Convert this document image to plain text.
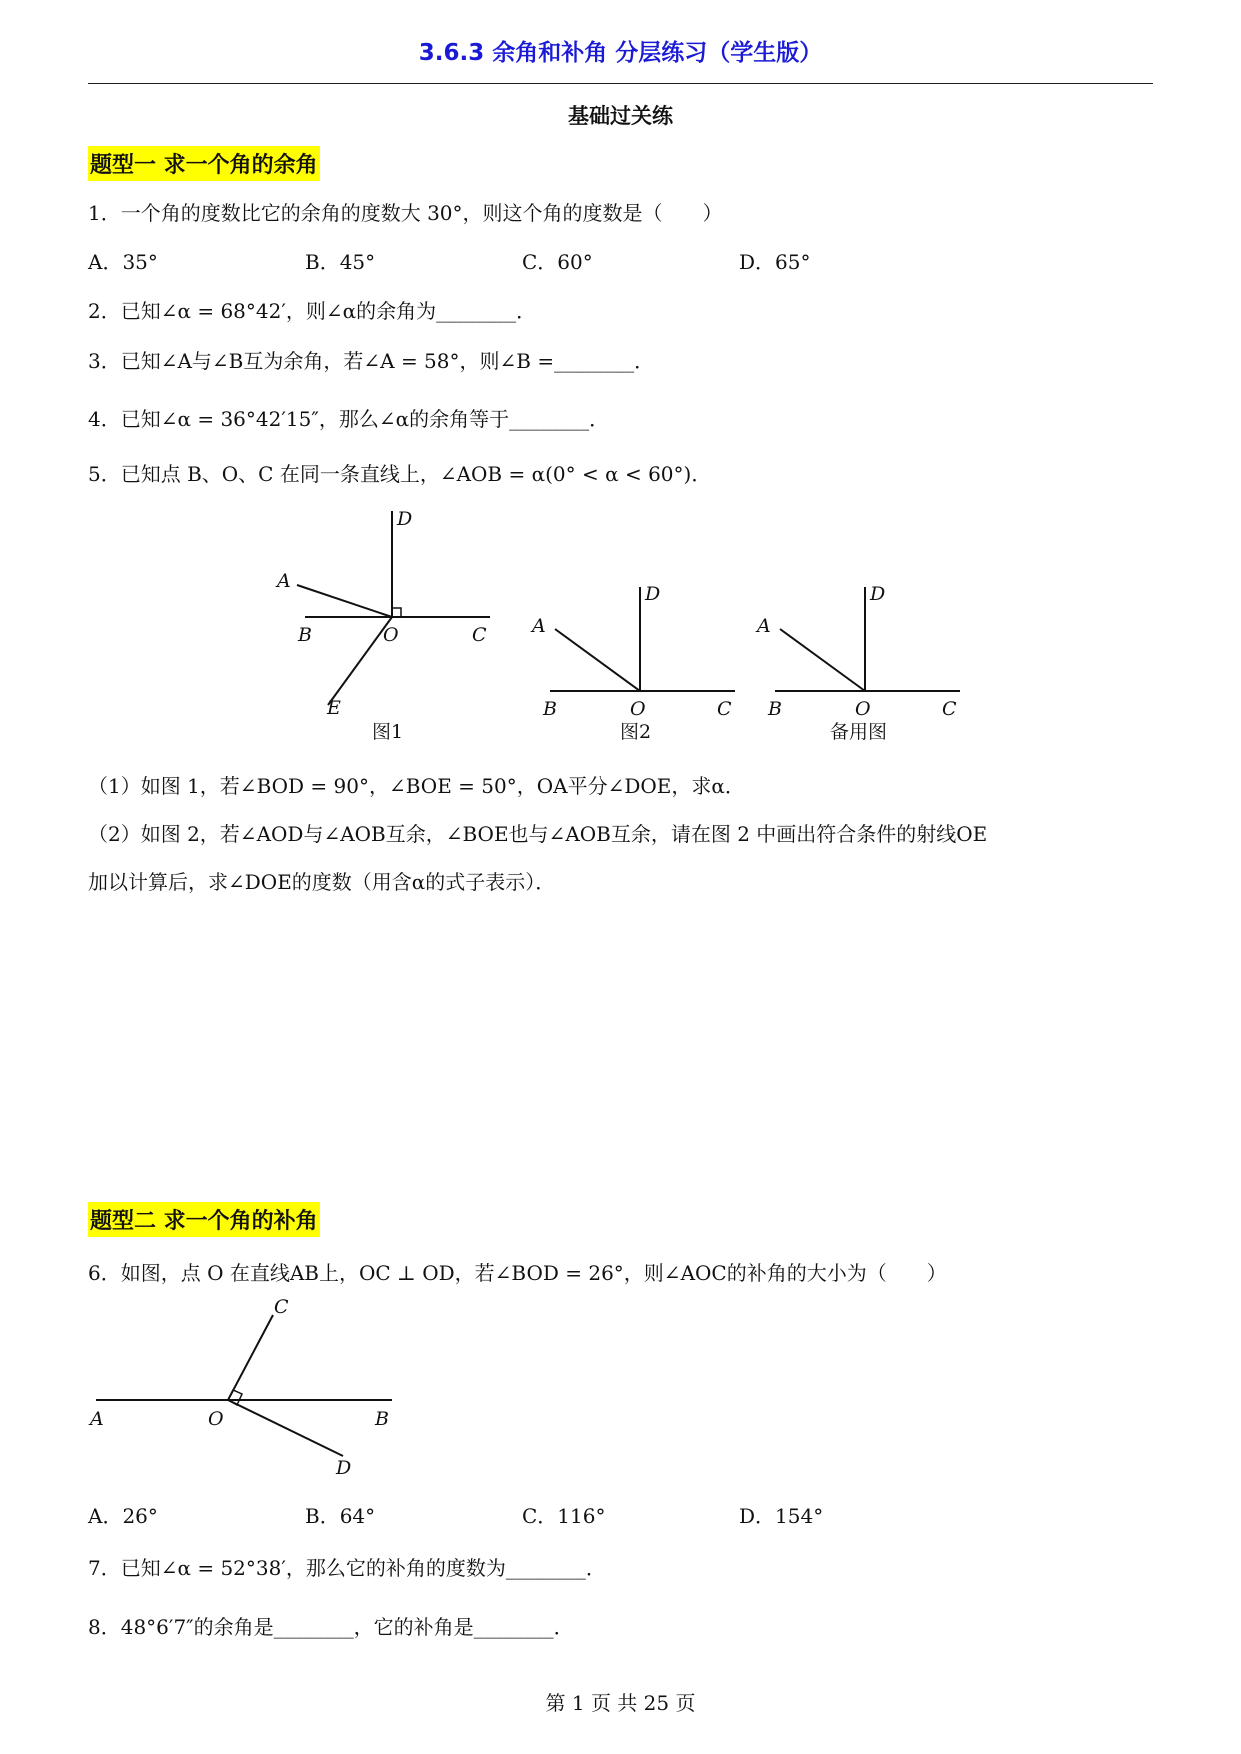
3.6.3 余角和补角 分层练习（学生版）
基础过关练
题型一 求一个角的余角
1．一个角的度数比它的余角的度数大 30°，则这个角的度数是（　　）
A．35°	B．45°	C．60°	D．65°
2．已知∠α = 68°42′，则∠α的余角为________．
3．已知∠A与∠B互为余角，若∠A = 58°，则∠B =________．
4．已知∠α = 36°42′15″，那么∠α的余角等于________．
5．已知点 B、O、C 在同一条直线上，∠AOB = α(0° < α < 60°)．
D
A
B	O	C
E
D
A
B	O	C
D
A
B	O	C
图1	图2	备用图
（1）如图 1，若∠BOD = 90°，∠BOE = 50°，OA平分∠DOE，求α．
（2）如图 2，若∠AOD与∠AOB互余，∠BOE也与∠AOB互余，请在图 2 中画出符合条件的射线OE
加以计算后，求∠DOE的度数（用含α的式子表示）．
题型二 求一个角的补角
6．如图，点 O 在直线AB上，OC ⊥ OD，若∠BOD = 26°，则∠AOC的补角的大小为（　　）
C
A	O	B
D
A．26°	B．64°	C．116°	D．154°
7．已知∠α = 52°38′，那么它的补角的度数为________．
8．48°6′7″的余角是________，它的补角是________．
第 1 页 共 25 页
